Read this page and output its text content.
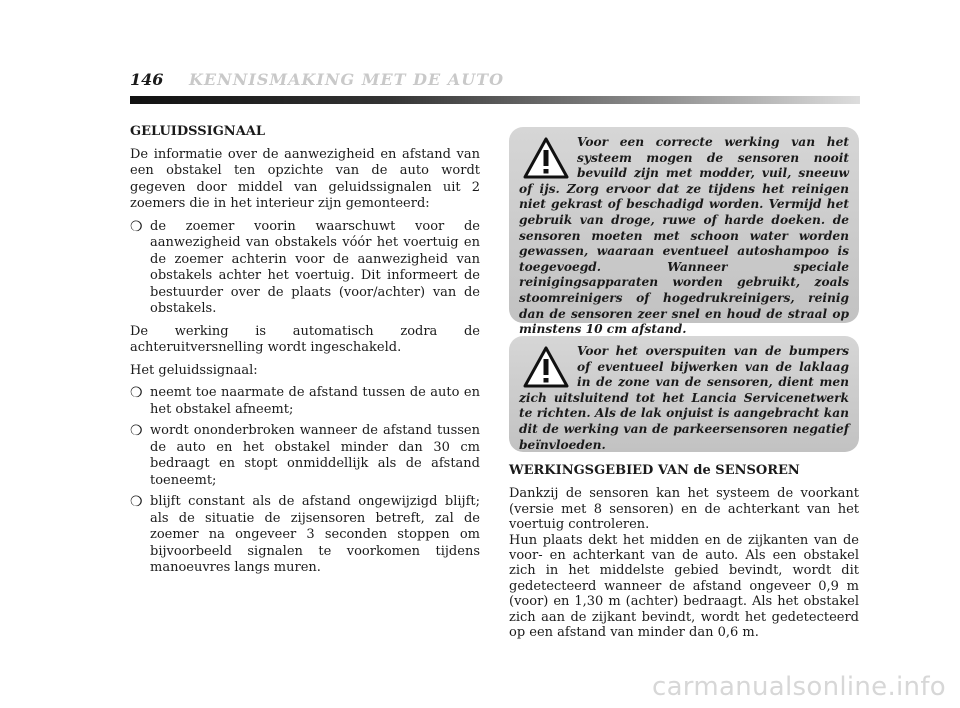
146 KENNISMAKING MET DE AUTO
GELUIDSSIGNAAL

De informatie over de aanwezigheid en afstand van een obstakel ten opzichte van de auto wordt gegeven door middel van geluidssignalen uit 2 zoemers die in het interieur zijn gemonteerd:

❍ de zoemer voorin waarschuwt voor de aanwezigheid van obstakels vóór het voertuig en de zoemer achterin voor de aanwezigheid van obstakels achter het voertuig. Dit informeert de bestuurder over de plaats (voor/achter) van de obstakels.

De werking is automatisch zodra de achteruitversnelling wordt ingeschakeld.

Het geluidssignaal:

❍ neemt toe naarmate de afstand tussen de auto en het obstakel afneemt;
❍ wordt ononderbroken wanneer de afstand tussen de auto en het obstakel minder dan 30 cm bedraagt en stopt onmiddellijk als de afstand toeneemt;
❍ blijft constant als de afstand ongewijzigd blijft; als de situatie de zijsensoren betreft, zal de zoemer na ongeveer 3 seconden stoppen om bijvoorbeeld signalen te voorkomen tijdens manoeuvres langs muren.

Voor een correcte werking van het systeem mogen de sensoren nooit bevuild zijn met modder, vuil, sneeuw of ijs. Zorg ervoor dat ze tijdens het reinigen niet gekrast of beschadigd worden. Vermijd het gebruik van droge, ruwe of harde doeken. de sensoren moeten met schoon water worden gewassen, waaraan eventueel autoshampoo is toegevoegd. Wanneer speciale reinigingsapparaten worden gebruikt, zoals stoomreinigers of hogedrukreinigers, reinig dan de sensoren zeer snel en houd de straal op minstens 10 cm afstand.

Voor het overspuiten van de bumpers of eventueel bijwerken van de laklaag in de zone van de sensoren, dient men zich uitsluitend tot het Lancia Servicenetwerk te richten. Als de lak onjuist is aangebracht kan dit de werking van de parkeersensoren negatief beïnvloeden.

WERKINGSGEBIED VAN de SENSOREN

Dankzij de sensoren kan het systeem de voorkant (versie met 8 sensoren) en de achterkant van het voertuig controleren.

Hun plaats dekt het midden en de zijkanten van de voor- en achterkant van de auto. Als een obstakel zich in het middelste gebied bevindt, wordt dit gedetecteerd wanneer de afstand ongeveer 0,9 m (voor) en 1,30 m (achter) bedraagt. Als het obstakel zich aan de zijkant bevindt, wordt het gedetecteerd op een afstand van minder dan 0,6 m.

carmanualsonline.info
